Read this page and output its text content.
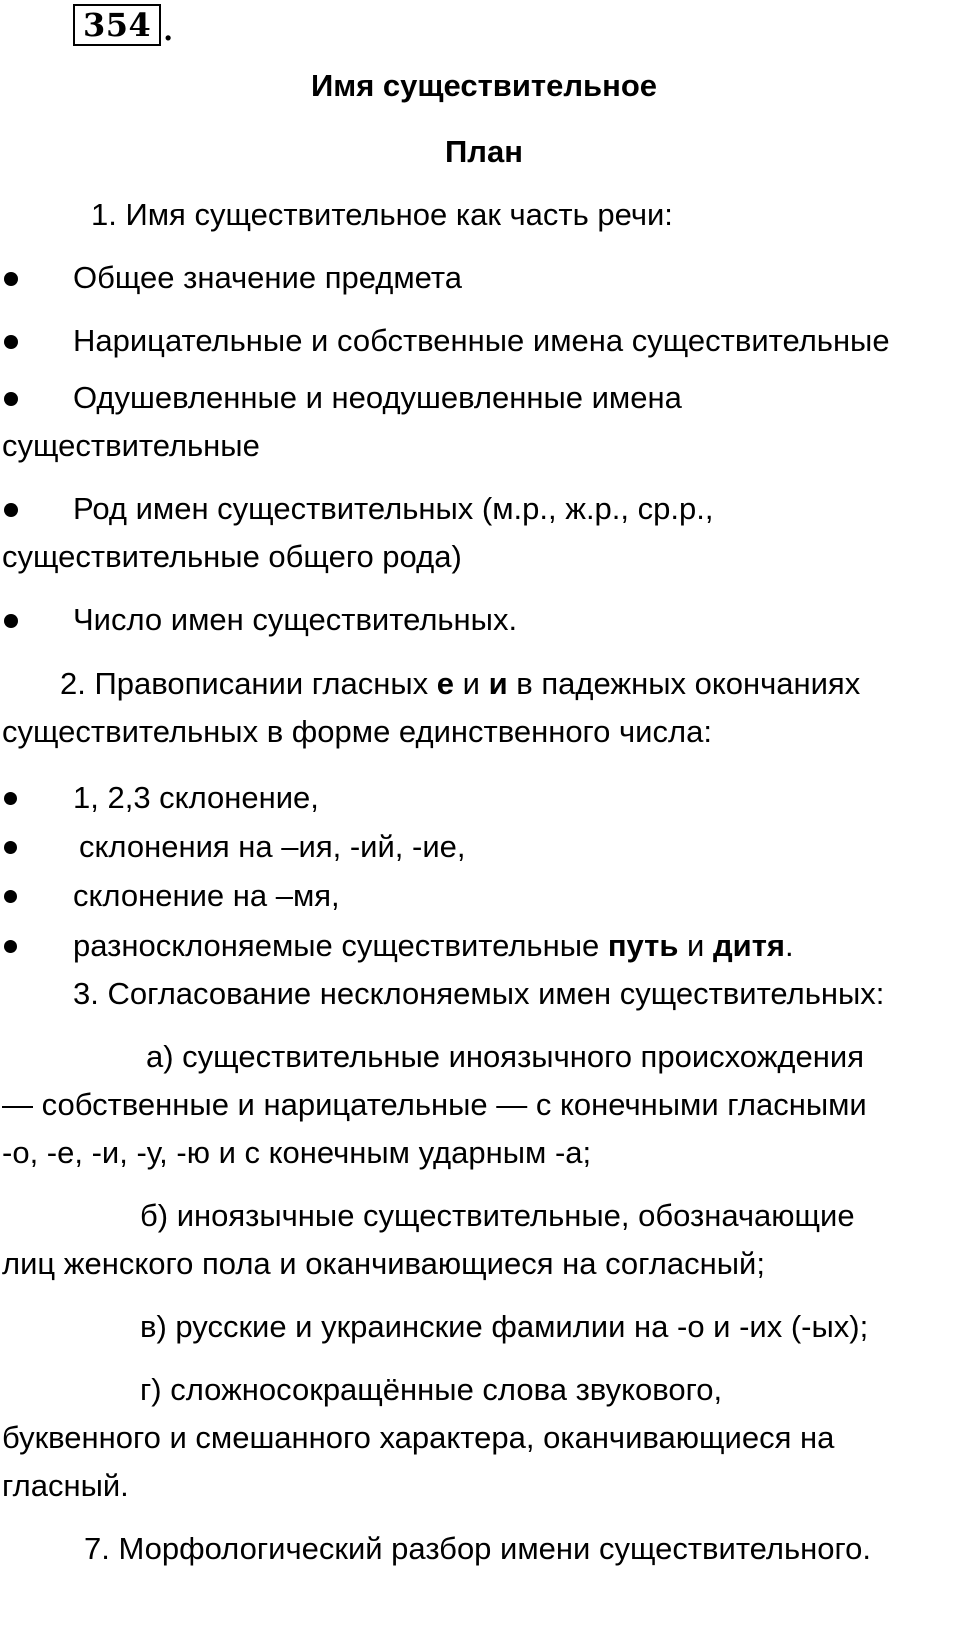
354 .
Имя существительное
План
1. Имя существительное как часть речи:
Общее значение предмета
Нарицательные и собственные имена существительные
Одушевленные и неодушевленные имена
существительные
Род имен существительных (м.р., ж.р., ср.р.,
существительные общего рода)
Число имен существительных.
2. Правописании гласных е и и в падежных окончаниях
существительных в форме единственного числа:
1, 2,3 склонение,
склонения на –ия, -ий, -ие,
склонение на –мя,
разносклоняемые существительные путь и дитя.
3. Согласование несклоняемых имен существительных:
а) существительные иноязычного происхождения
— собственные и нарицательные — с конечными гласными
-о, -е, -и, -у, -ю и с конечным ударным -а;
б) иноязычные существительные, обозначающие
лиц женского пола и оканчивающиеся на согласный;
в) русские и украинские фамилии на -о и -их (-ых);
г) сложносокращённые слова звукового,
буквенного и смешанного характера, оканчивающиеся на
гласный.
7. Морфологический разбор имени существительного.
